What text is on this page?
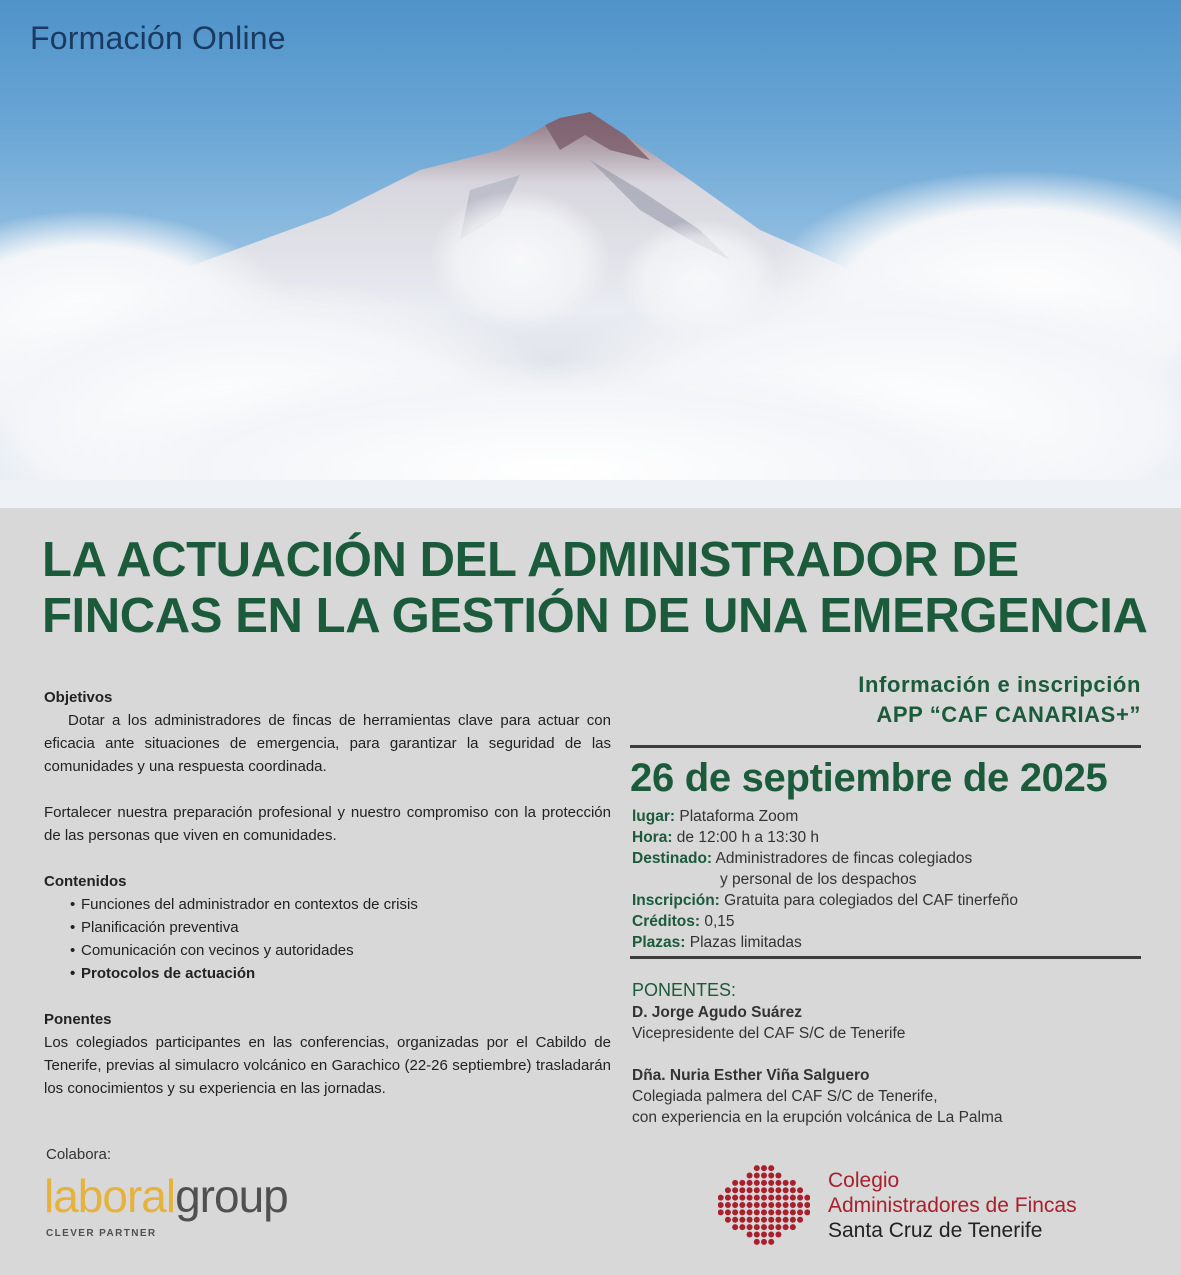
Formación Online
LA ACTUACIÓN DEL ADMINISTRADOR DE FINCAS EN LA GESTIÓN DE UNA EMERGENCIA
Objetivos

Dotar a los administradores de fincas de herramientas clave para actuar con eficacia ante situaciones de emergencia, para garantizar la seguridad de las comunidades y una respuesta coordinada.

Fortalecer nuestra preparación profesional y nuestro compromiso con la protección de las personas que viven en comunidades.

Contenidos
• Funciones del administrador en contextos de crisis
• Planificación preventiva
• Comunicación con vecinos y autoridades
• Protocolos de actuación
Ponentes

Los colegiados participantes en las conferencias, organizadas por el Cabildo de Tenerife, previas al simulacro volcánico en Garachico (22-26 septiembre) trasladarán los conocimientos y su experiencia en las jornadas.

Información e inscripción
APP “CAF CANARIAS+”
26 de septiembre de 2025
lugar: Plataforma Zoom
Hora: de 12:00 h a 13:30 h
Destinado: Administradores de fincas colegiados
y personal de los despachos
Inscripción: Gratuita para colegiados del CAF tinerfeño
Créditos: 0,15
Plazas: Plazas limitadas
PONENTES:
D. Jorge Agudo Suárez
Vicepresidente del CAF S/C de Tenerife
Dña. Nuria Esther Viña Salguero
Colegiada palmera del CAF S/C de Tenerife,
con experiencia en la erupción volcánica de La Palma
Colabora:
laboralgroup
CLEVER PARTNER
Colegio
Administradores de Fincas
Santa Cruz de Tenerife
